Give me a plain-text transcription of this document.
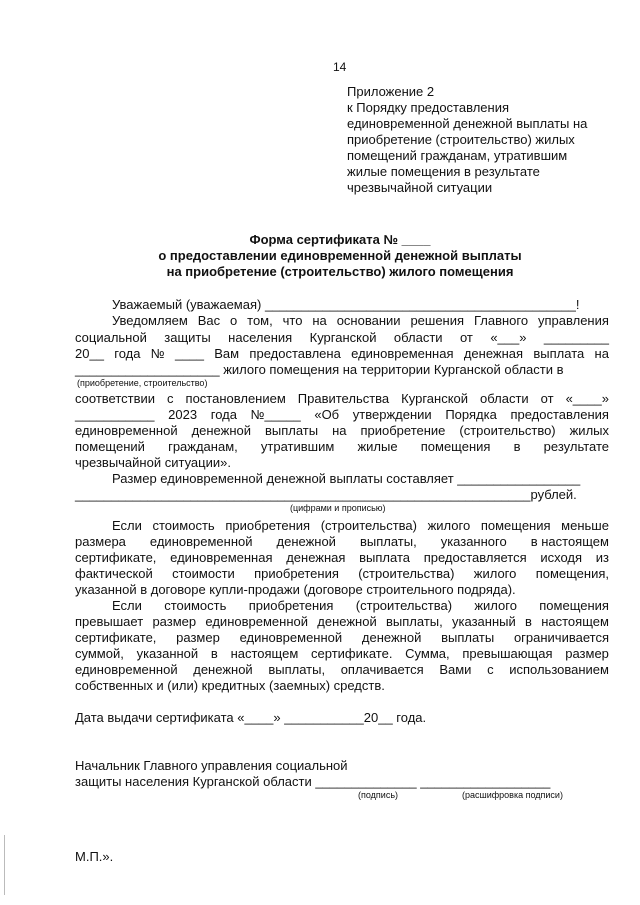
14
Приложение 2
к Порядку предоставления
единовременной денежной выплаты на
приобретение (строительство) жилых
помещений гражданам, утратившим
жилые помещения в результате
чрезвычайной ситуации
Форма сертификата № ____
о предоставлении единовременной денежной выплаты
на приобретение (строительство) жилого помещения
Уважаемый (уважаемая) ___________________________________________!
Уведомляем Вас о том, что на основании решения Главного управления
социальной защиты населения Курганской области от «___» _________
20__ года № ____ Вам предоставлена единовременная денежная выплата на
____________________ жилого помещения на территории Курганской области в
(приобретение, строительство)
соответствии с постановлением Правительства Курганской области от «____»
___________ 2023 года №_____ «Об утверждении Порядка предоставления
единовременной денежной выплаты на приобретение (строительство) жилых
помещений гражданам, утратившим жилые помещения в результате
чрезвычайной ситуации».
Размер единовременной денежной выплаты составляет _________________
_______________________________________________________________рублей.
(цифрами и прописью)
Если стоимость приобретения (строительства) жилого помещения меньше
размера единовременной денежной выплаты, указанного в настоящем
сертификате, единовременная денежная выплата предоставляется исходя из
фактической стоимости приобретения (строительства) жилого помещения,
указанной в договоре купли-продажи (договоре строительного подряда).
Если стоимость приобретения (строительства) жилого помещения
превышает размер единовременной денежной выплаты, указанный в настоящем
сертификате, размер единовременной денежной выплаты ограничивается
суммой, указанной в настоящем сертификате. Сумма, превышающая размер
единовременной денежной выплаты, оплачивается Вами с использованием
собственных и (или) кредитных (заемных) средств.
Дата выдачи сертификата «____» ___________20__ года.
Начальник Главного управления социальной
защиты населения Курганской области ______________ __________________
(подпись)	(расшифровка подписи)
М.П.».
